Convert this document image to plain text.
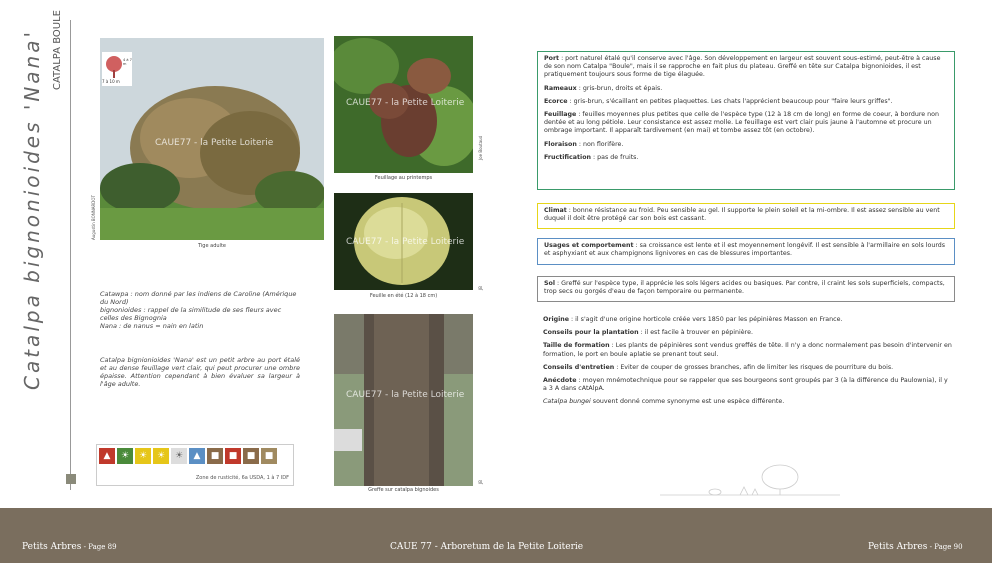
Catalpa bignonioides 'Nana' CATALPA BOULE
CAUE77 - la Petite Loiterie
7 à 10 m
4 à 7 m
Tige adulte
Augustin BONNARDOT
CAUE77 - la Petite Loiterie
Feuillage au printemps
Joe Boutaud
CAUE77 - la Petite Loiterie
Feuille en été (12 à 18 cm)
JB
CAUE77 - la Petite Loiterie
Greffe sur catalpa bignoides
JB
Catawpa : nom donné par les indiens de Caroline (Amérique du Nord)
bignonioides : rappel de la similitude de ses fleurs avec celles des Bignognia
Nana : de nanus = nain en latin
Catalpa bignionioides 'Nana' est un petit arbre au port étalé et au dense feuillage vert clair, qui peut procurer une ombre épaisse. Attention cependant à bien évaluer sa largeur à l'âge adulte.
▲	☀	☀	☀	☀	▲	■	■	■	■
Zone de rusticité, 6a USDA, 1 à 7 IDF

Port : port naturel étalé qu'il conserve avec l'âge. Son développement en largeur est souvent sous-estimé, peut-être à cause de son nom Catalpa "Boule", mais il se rapproche en fait plus du plateau. Greffé en tête sur Catalpa bignonioides, il est pratiquement toujours sous forme de tige élaguée.

Rameaux : gris-brun, droits et épais.

Ecorce : gris-brun, s'écaillant en petites plaquettes. Les chats l'apprécient beaucoup pour "faire leurs griffes".

Feuillage : feuilles moyennes plus petites que celle de l'espèce type (12 à 18 cm de long) en forme de coeur, à bordure non dentée et au long pétiole. Leur consistance est assez molle. Le feuillage est vert clair puis jaune à l'automne et procure un ombrage important. Il apparaît tardivement (en mai) et tombe assez tôt (en octobre).

Floraison : non florifère.

Fructification : pas de fruits.

Climat : bonne résistance au froid. Peu sensible au gel. Il supporte le plein soleil et la mi-ombre. Il est assez sensible au vent duquel il doit être protégé car son bois est cassant.
Usages et comportement : sa croissance est lente et il est moyennement longévif. Il est sensible à l'armillaire en sols lourds et asphyxiant et aux champignons lignivores en cas de blessures importantes.
Sol : Greffé sur l'espèce type, il apprécie les sols légers acides ou basiques. Par contre, il craint les sols superficiels, compacts, trop secs ou gorgés d'eau de façon temporaire ou permanente.

Origine : il s'agit d'une origine horticole créée vers 1850 par les pépinières Masson en France.

Conseils pour la plantation : il est facile à trouver en pépinière.

Taille de formation : Les plants de pépinières sont vendus greffés de tête. Il n'y a donc normalement pas besoin d'intervenir en formation, le port en boule aplatie se prenant tout seul.

Conseils d'entretien : Eviter de couper de grosses branches, afin de limiter les risques de pourriture du bois.

Anécdote : moyen mnémotechnique pour se rappeler que ses bourgeons sont groupés par 3 (à la différence du Paulownia), il y a 3 A dans cAtAlpA.

Catalpa bungei souvent donné comme synonyme est une espèce différente.

Petits Arbres - Page 89	CAUE 77 - Arboretum de la Petite Loiterie	Petits Arbres - Page 90
